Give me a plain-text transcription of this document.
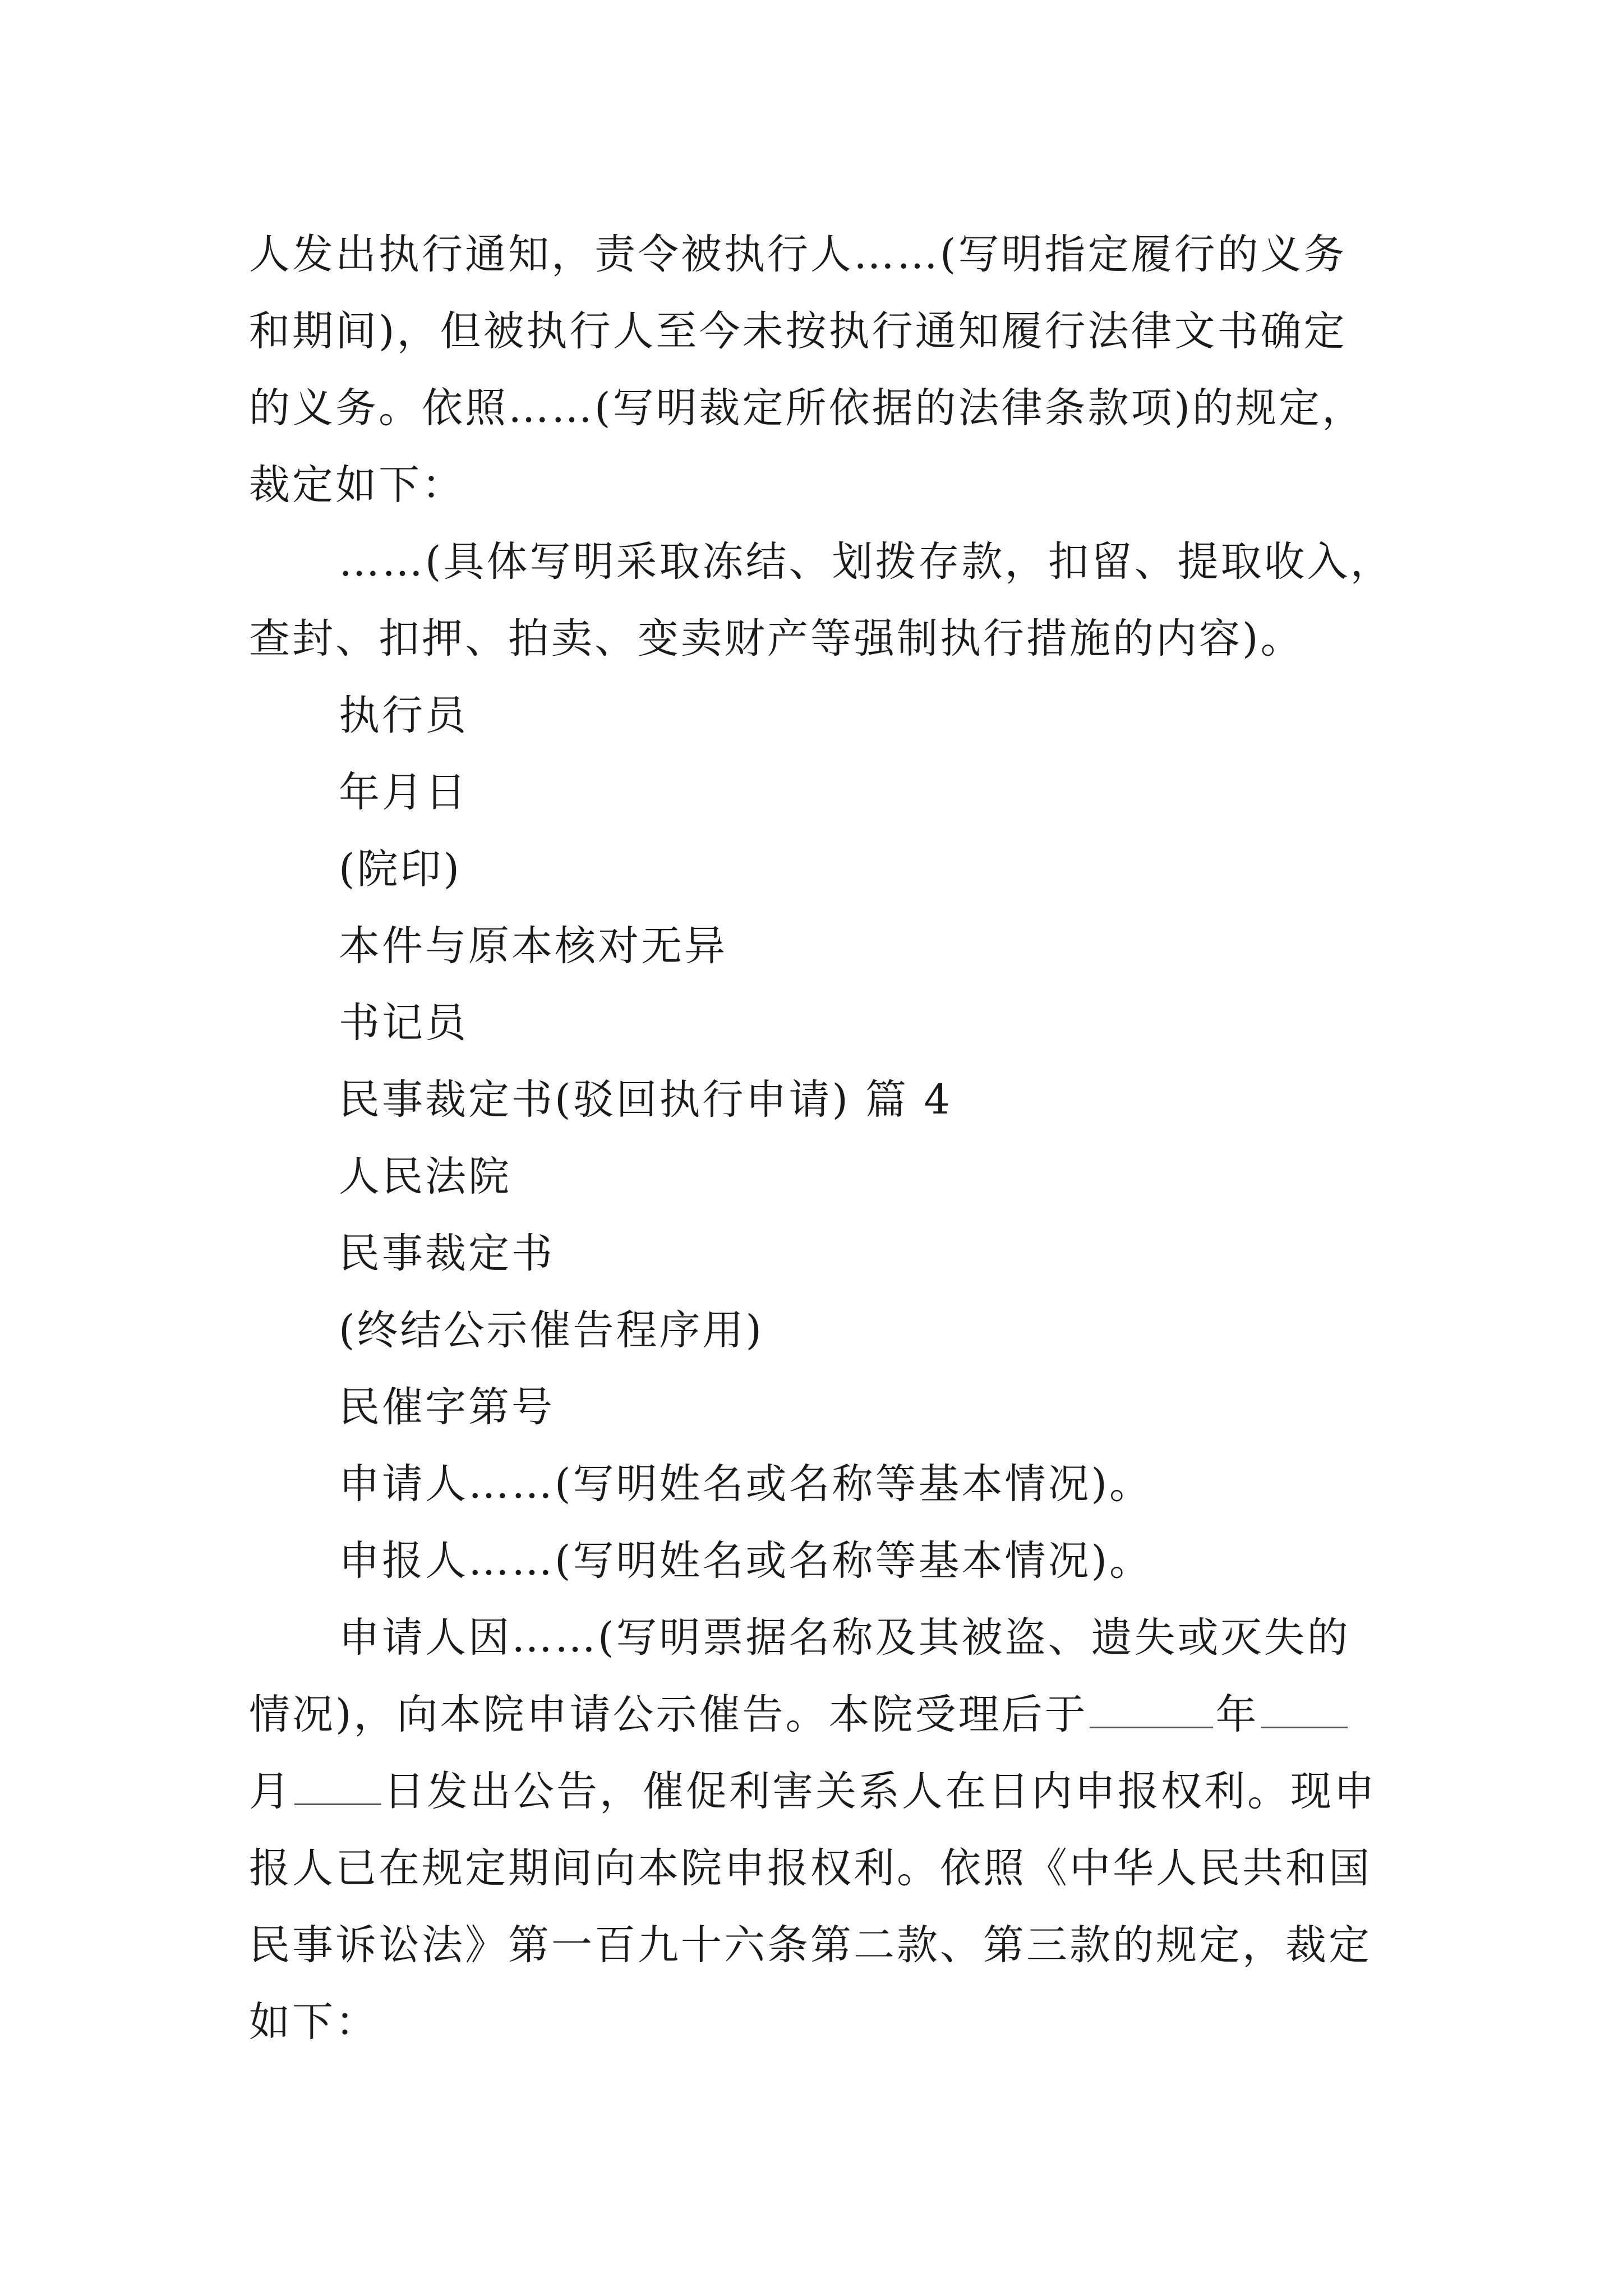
人发出执行通知，责令被执行人……(写明指定履行的义务
和期间)，但被执行人至今未按执行通知履行法律文书确定
的义务。依照……(写明裁定所依据的法律条款项)的规定，
裁定如下：
……(具体写明采取冻结、划拨存款，扣留、提取收入，
查封、扣押、拍卖、变卖财产等强制执行措施的内容)。
执行员
年月日
(院印)
本件与原本核对无异
书记员
民事裁定书(驳回执行申请) 篇 4
人民法院
民事裁定书
(终结公示催告程序用)
民催字第号
申请人……(写明姓名或名称等基本情况)。
申报人……(写明姓名或名称等基本情况)。
申请人因……(写明票据名称及其被盗、遗失或灭失的
情况)，向本院申请公示催告。本院受理后于	年
月 日发出公告，催促利害关系人在日内申报权利。现申
报人已在规定期间向本院申报权利。依照《中华人民共和国
民事诉讼法》第一百九十六条第二款、第三款的规定，裁定
如下：
